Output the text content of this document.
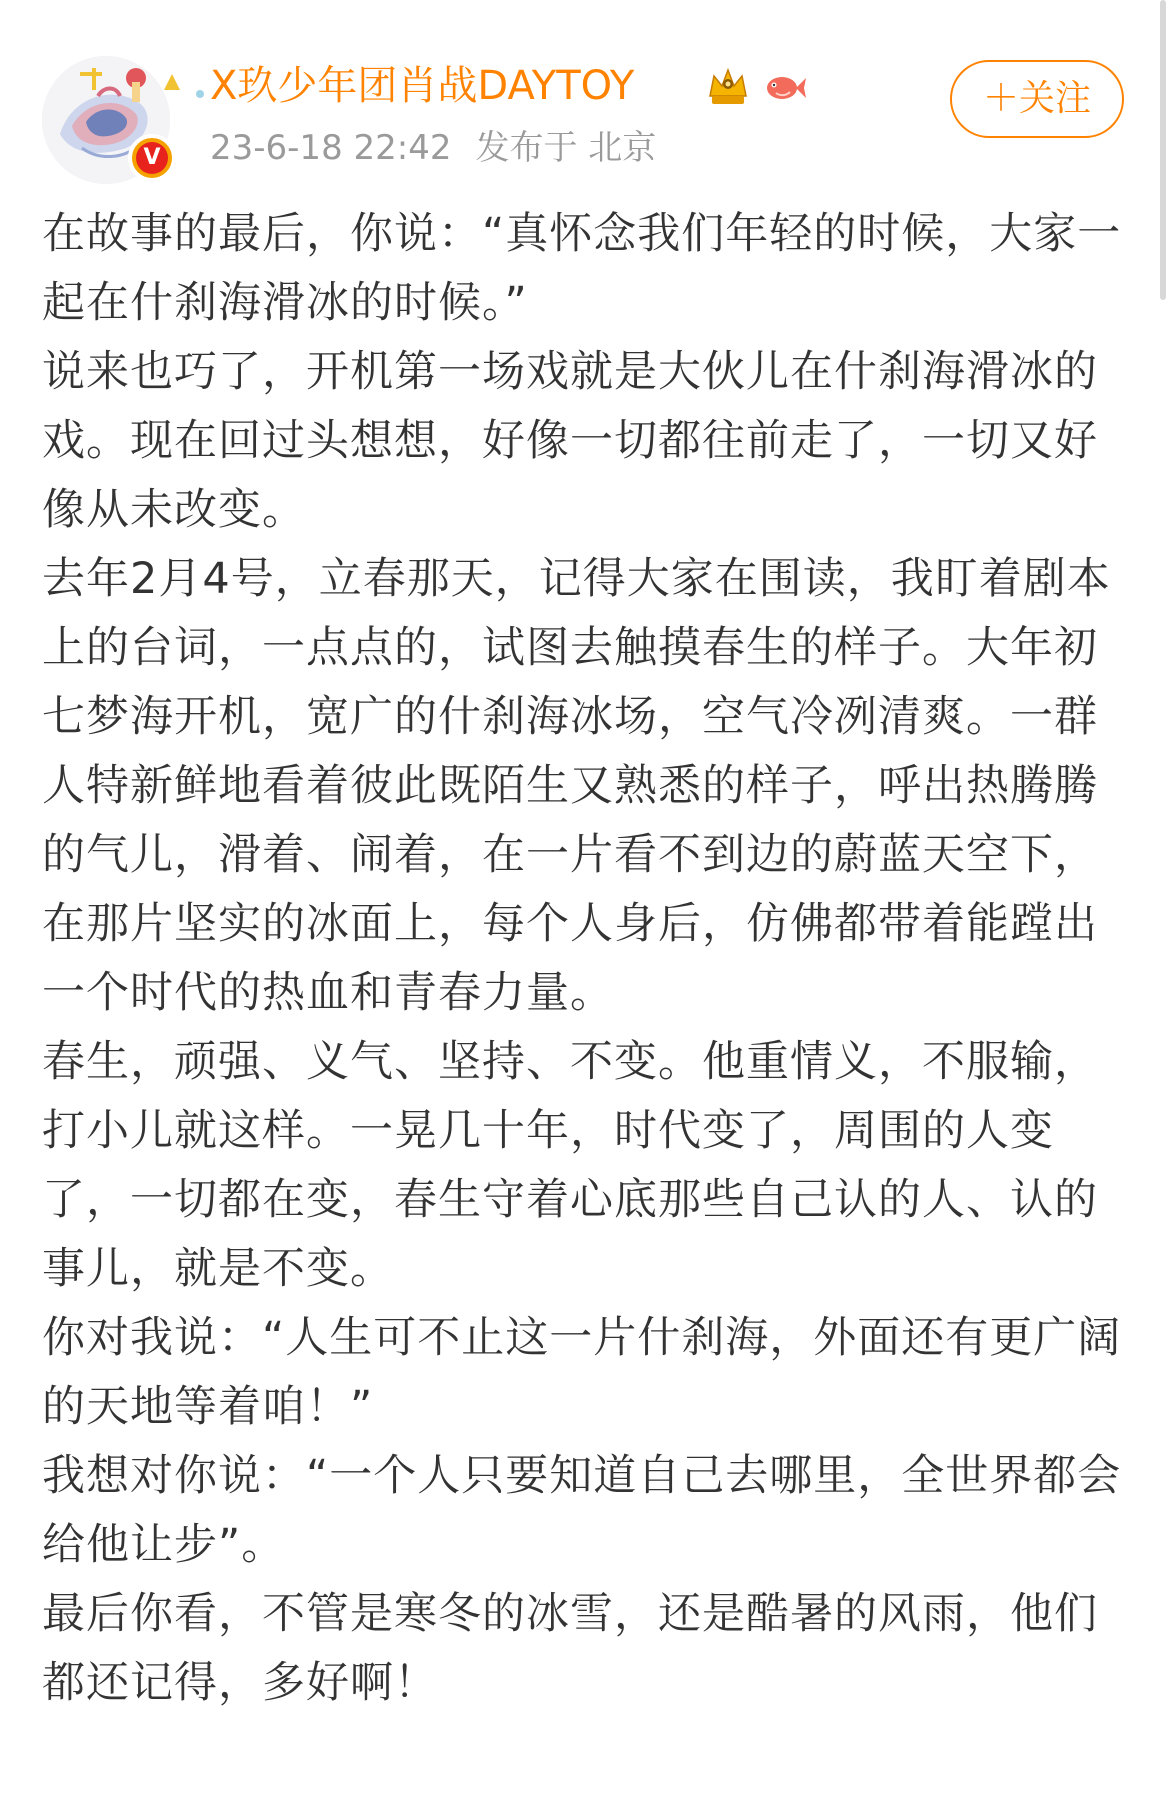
V
X玖少年团肖战DAYTOY
23-6-18 22:42 发布于 北京
＋关注

在故事的最后，你说：“真怀念我们年轻的时候，大家一起在什刹海滑冰的时候。”

说来也巧了，开机第一场戏就是大伙儿在什刹海滑冰的戏。现在回过头想想，好像一切都往前走了，一切又好像从未改变。

去年2月4号，立春那天，记得大家在围读，我盯着剧本上的台词，一点点的，试图去触摸春生的样子。大年初七梦海开机，宽广的什刹海冰场，空气冷冽清爽。一群人特新鲜地看着彼此既陌生又熟悉的样子，呼出热腾腾的气儿，滑着、闹着，在一片看不到边的蔚蓝天空下，在那片坚实的冰面上，每个人身后，仿佛都带着能蹚出一个时代的热血和青春力量。

春生，顽强、义气、坚持、不变。他重情义，不服输，打小儿就这样。一晃几十年，时代变了，周围的人变了，一切都在变，春生守着心底那些自己认的人、认的事儿，就是不变。

你对我说：“人生可不止这一片什刹海，外面还有更广阔的天地等着咱！”

我想对你说：“一个人只要知道自己去哪里，全世界都会给他让步”。

最后你看，不管是寒冬的冰雪，还是酷暑的风雨，他们都还记得，多好啊！
